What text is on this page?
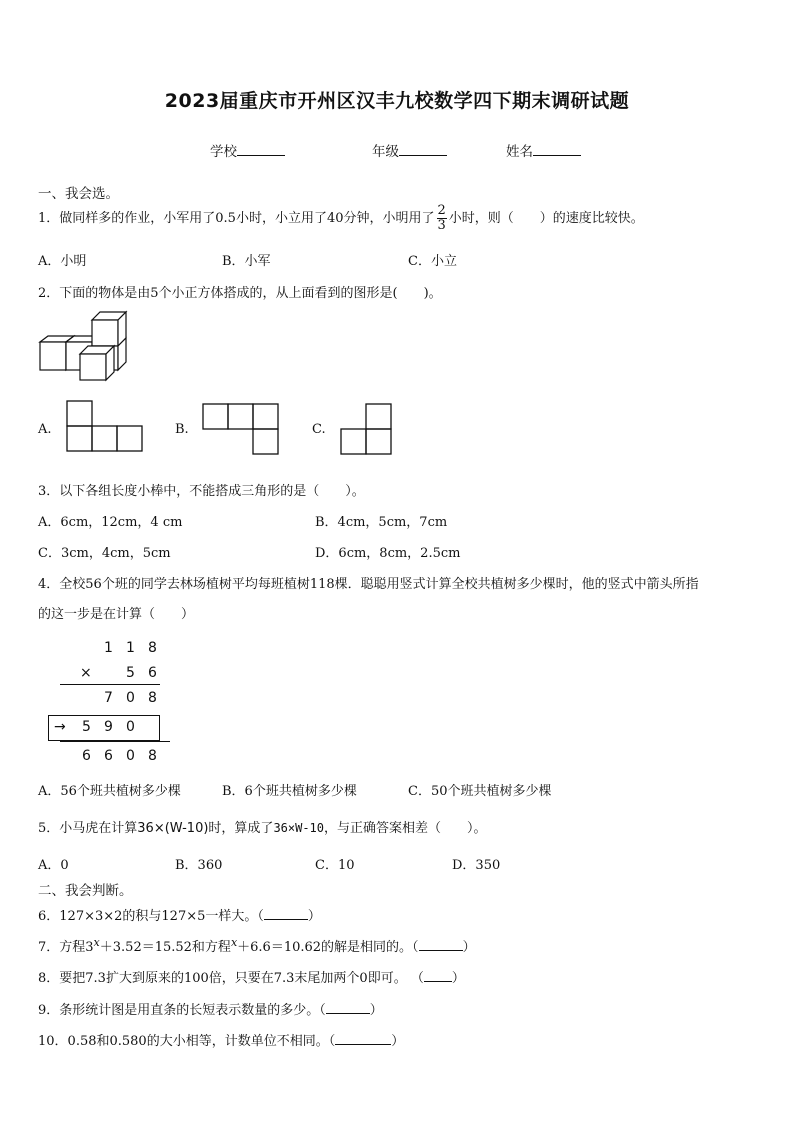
2023届重庆市开州区汉丰九校数学四下期末调研试题
学校	年级	姓名
一、我会选。
1．做同样多的作业，小军用了0.5小时，小立用了40分钟，小明用了 $\frac{2}{3}$ 小时，则（　　）的速度比较快。
A．小明	B．小军	C．小立
2．下面的物体是由5个小正方体搭成的，从上面看到的图形是(　　)。
A.	B.	C.
3．以下各组长度小棒中，不能搭成三角形的是（　　）。
A．6cm，12cm，4 cm	B．4cm，5cm，7cm
C．3cm，4cm，5cm	D．6cm，8cm，2.5cm
4．全校56个班的同学去林场植树平均每班植树118棵．聪聪用竖式计算全校共植树多少棵时，他的竖式中箭头所指
的这一步是在计算（　　）
1 1 8
× 5 6
7 0 8
→ 5 9 0
6 6 0 8
A．56个班共植树多少棵	B．6个班共植树多少棵	C．50个班共植树多少棵
5．小马虎在计算36×(W-10)时，算成了36×W-10，与正确答案相差（　　）。
A．0	B．360	C．10	D．350
二、我会判断。
6．127×3×2的积与127×5一样大。（	）
7．方程$3^x+3.52=15.52$和方程$^x$＋6.6＝10.62的解是相同的。（	）
8．要把7.3扩大到原来的100倍，只要在7.3末尾加两个0即可。 （ ）
9．条形统计图是用直条的长短表示数量的多少。（	）
10．0.58和0.580的大小相等，计数单位不相同。（	）
